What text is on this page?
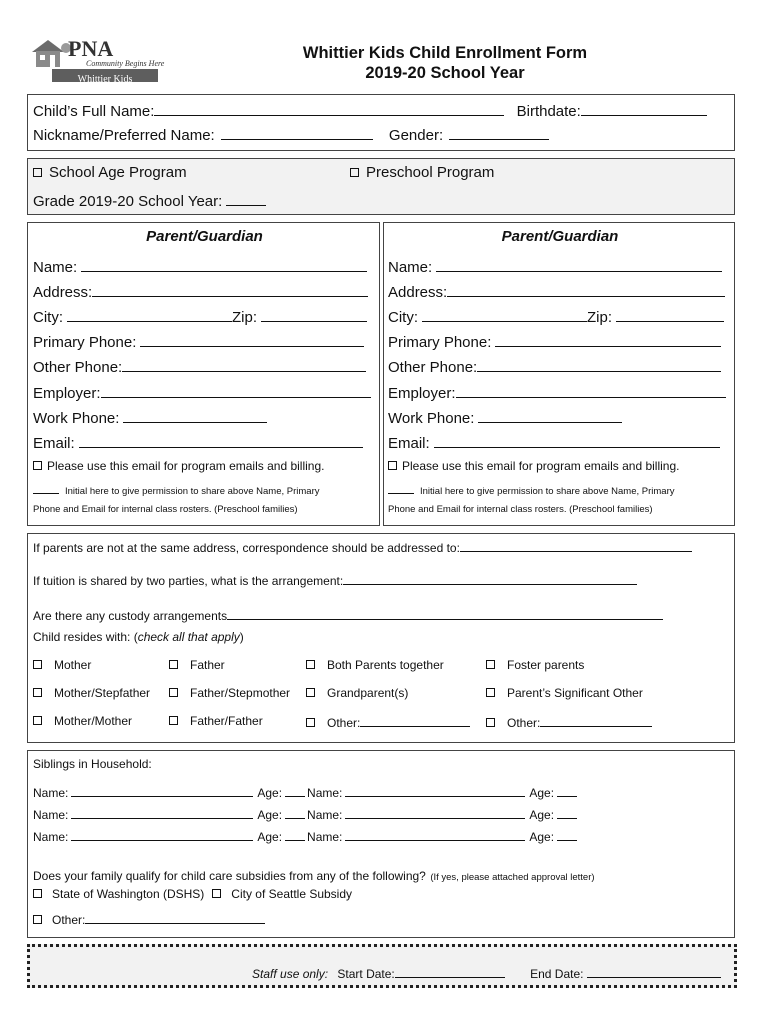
PNA
Community Begins Here
Whittier Kids
Whittier Kids Child Enrollment Form
2019-20 School Year
Child’s Full Name:	Birthdate:
Nickname/Preferred Name:	Gender:
School Age Program	Preschool Program
Grade 2019-20 School Year:
Parent/Guardian
Name:
Address:
City:	Zip:
Primary Phone:
Other Phone:
Employer:
Work Phone:
Email:
Please use this email for program emails and billing.
Initial here to give permission to share above Name, Primary
Phone and Email for internal class rosters. (Preschool families)
Parent/Guardian
Name:
Address:
City:	Zip:
Primary Phone:
Other Phone:
Employer:
Work Phone:
Email:
Please use this email for program emails and billing.
Initial here to give permission to share above Name, Primary
Phone and Email for internal class rosters. (Preschool families)
If parents are not at the same address, correspondence should be addressed to:
If tuition is shared by two parties, what is the arrangement:
Are there any custody arrangements
Child resides with: (check all that apply)
Mother	Father	Both Parents together	Foster parents
Mother/Stepfather	Father/Stepmother	Grandparent(s)	Parent’s Significant Other
Mother/Mother	Father/Father	Other:	Other:
Siblings in Household:
Name:	Age: Name:	Age:
Name:	Age: Name:	Age:
Name:	Age: Name:	Age:
Does your family qualify for child care subsidies from any of the following? (If yes, please attached approval letter)
State of Washington (DSHS) City of Seattle Subsidy
Other:
Staff use only: Start Date:	End Date:
